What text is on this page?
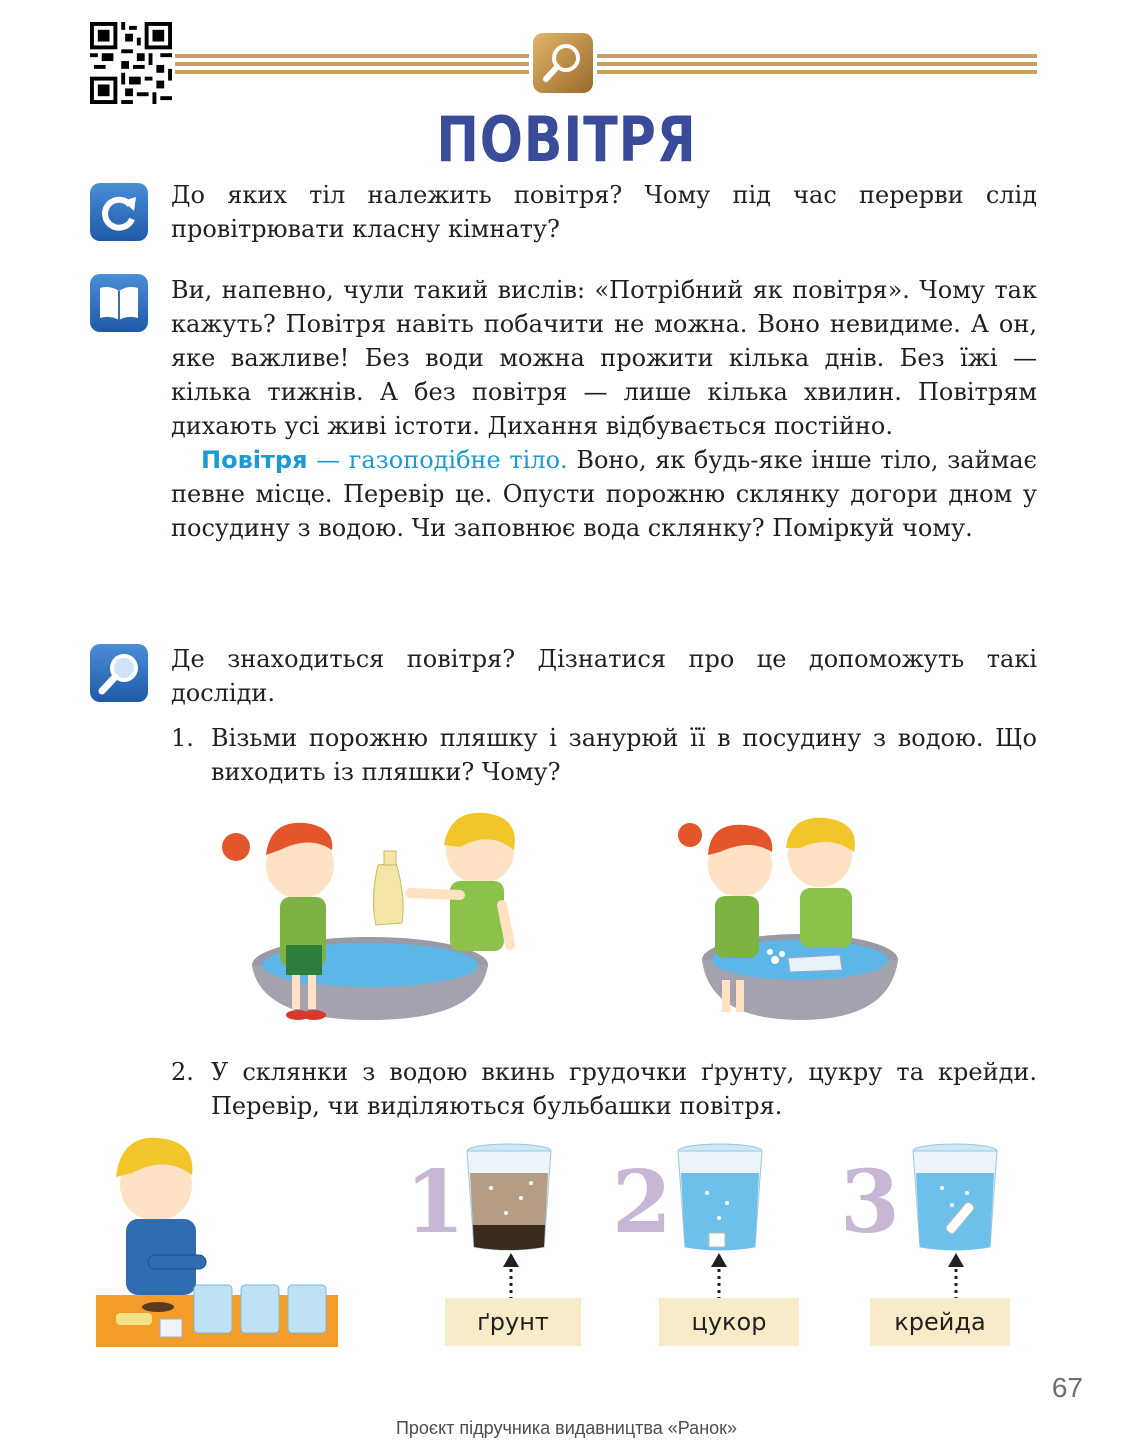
ПОВІТРЯ

До яких тіл належить повітря? Чому під час перерви слід провітрювати класну кімнату?

Ви, напевно, чули такий вислів: «Потрібний як повітря». Чому так кажуть? Повітря навіть побачити не можна. Воно невидиме. А он, яке важливе! Без води можна прожити кілька днів. Без їжі — кілька тижнів. А без повітря — лише кілька хвилин. Повітрям дихають усі живі істоти. Дихання відбувається постійно.

Повітря — газоподібне тіло. Воно, як будь-яке інше тіло, займає певне місце. Перевір це. Опусти порожню склянку догори дном у посудину з водою. Чи заповнює вода склянку? Поміркуй чому.

Де знаходиться повітря? Дізнатися про це допоможуть такі досліди.

1. Візьми порожню пляшку і занурюй її в посудину з водою. Що виходить із пляшки? Чому?
2. У склянки з водою вкинь грудочки ґрунту, цукру та крейди. Перевір, чи виділяються бульбашки повітря.
1
ґрунт
2
цукор
3
крейда
67
Проєкт підручника видавництва «Ранок»
